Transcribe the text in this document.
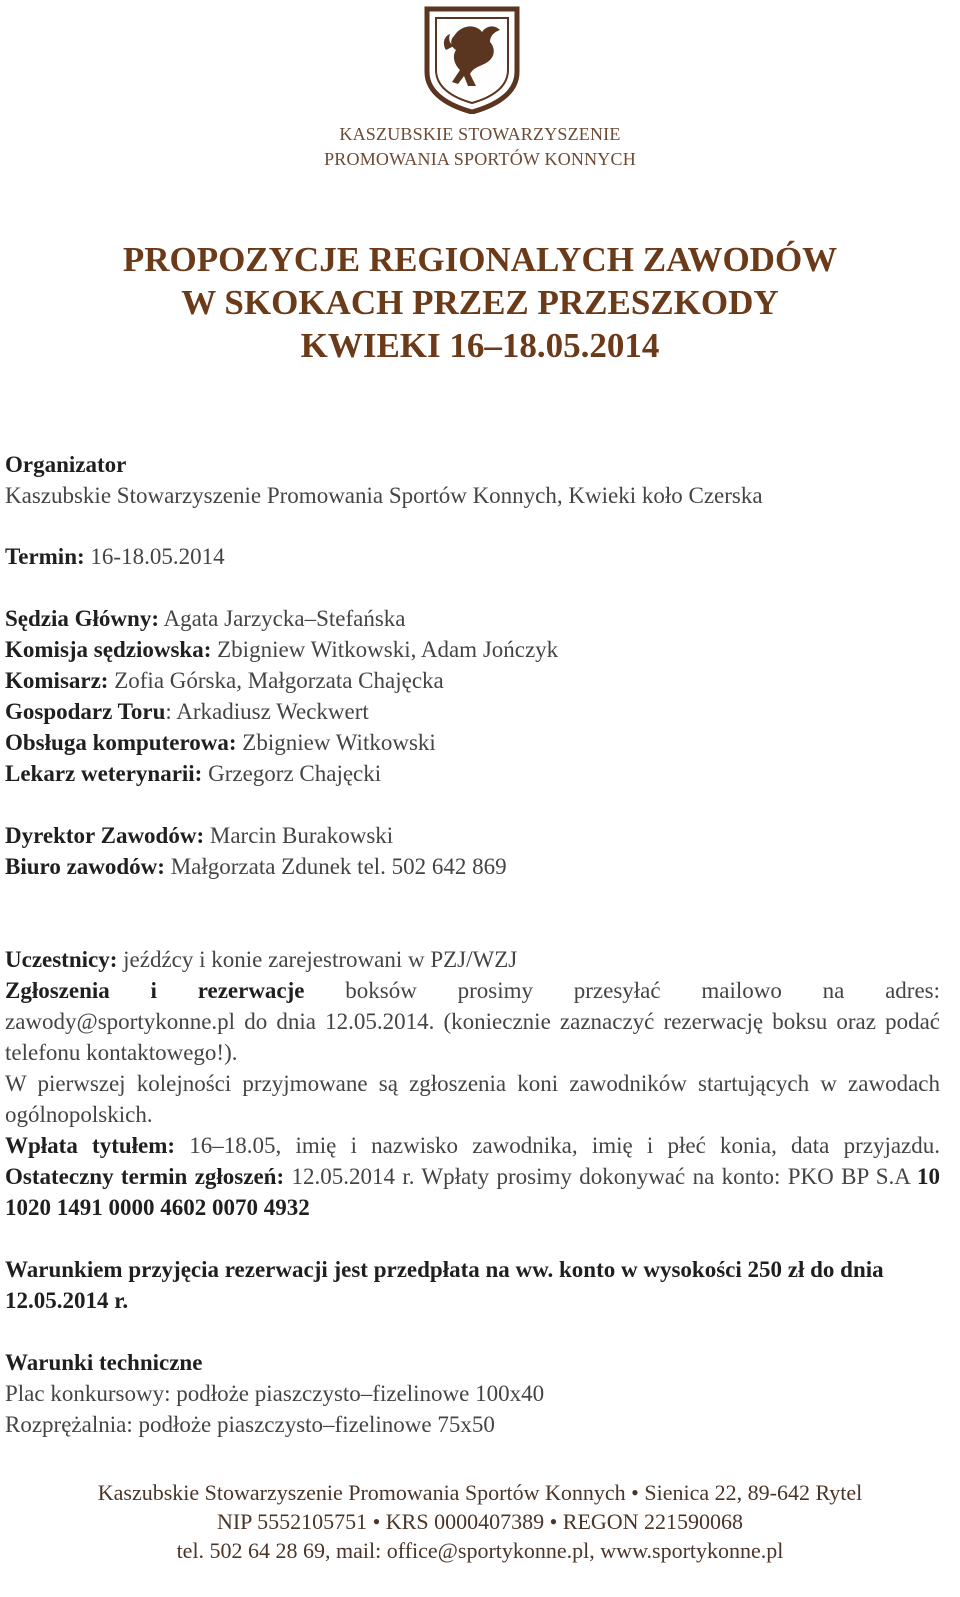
KASZUBSKIE STOWARZYSZENIE
PROMOWANIA SPORTÓW KONNYCH
PROPOZYCJE REGIONALYCH ZAWODÓW
W SKOKACH PRZEZ PRZESZKODY
KWIEKI 16–18.05.2014

Organizator

Kaszubskie Stowarzyszenie Promowania Sportów Konnych, Kwieki koło Czerska

Termin: 16-18.05.2014

Sędzia Główny: Agata Jarzycka–Stefańska

Komisja sędziowska: Zbigniew Witkowski, Adam Jończyk

Komisarz: Zofia Górska, Małgorzata Chajęcka

Gospodarz Toru: Arkadiusz Weckwert

Obsługa komputerowa: Zbigniew Witkowski

Lekarz weterynarii: Grzegorz Chajęcki

Dyrektor Zawodów: Marcin Burakowski

Biuro zawodów: Małgorzata Zdunek tel. 502 642 869

Uczestnicy: jeźdźcy i konie zarejestrowani w PZJ/WZJ

Zgłoszenia i rezerwacje boksów prosimy przesyłać mailowo na adres:

zawody@sportykonne.pl do dnia 12.05.2014. (koniecznie zaznaczyć rezerwację boksu oraz podać telefonu kontaktowego!).

W pierwszej kolejności przyjmowane są zgłoszenia koni zawodników startujących w zawodach ogólnopolskich.

Wpłata tytułem: 16–18.05, imię i nazwisko zawodnika, imię i płeć konia, data przyjazdu. Ostateczny termin zgłoszeń: 12.05.2014 r. Wpłaty prosimy dokonywać na konto: PKO BP S.A 10 1020 1491 0000 4602 0070 4932

Warunkiem przyjęcia rezerwacji jest przedpłata na ww. konto w wysokości 250 zł do dnia 12.05.2014 r.

Warunki techniczne

Plac konkursowy: podłoże piaszczysto–fizelinowe 100x40

Rozprężalnia: podłoże piaszczysto–fizelinowe 75x50

Kaszubskie Stowarzyszenie Promowania Sportów Konnych • Sienica 22, 89-642 Rytel
NIP 5552105751 • KRS 0000407389 • REGON 221590068
tel. 502 64 28 69, mail: office@sportykonne.pl, www.sportykonne.pl
